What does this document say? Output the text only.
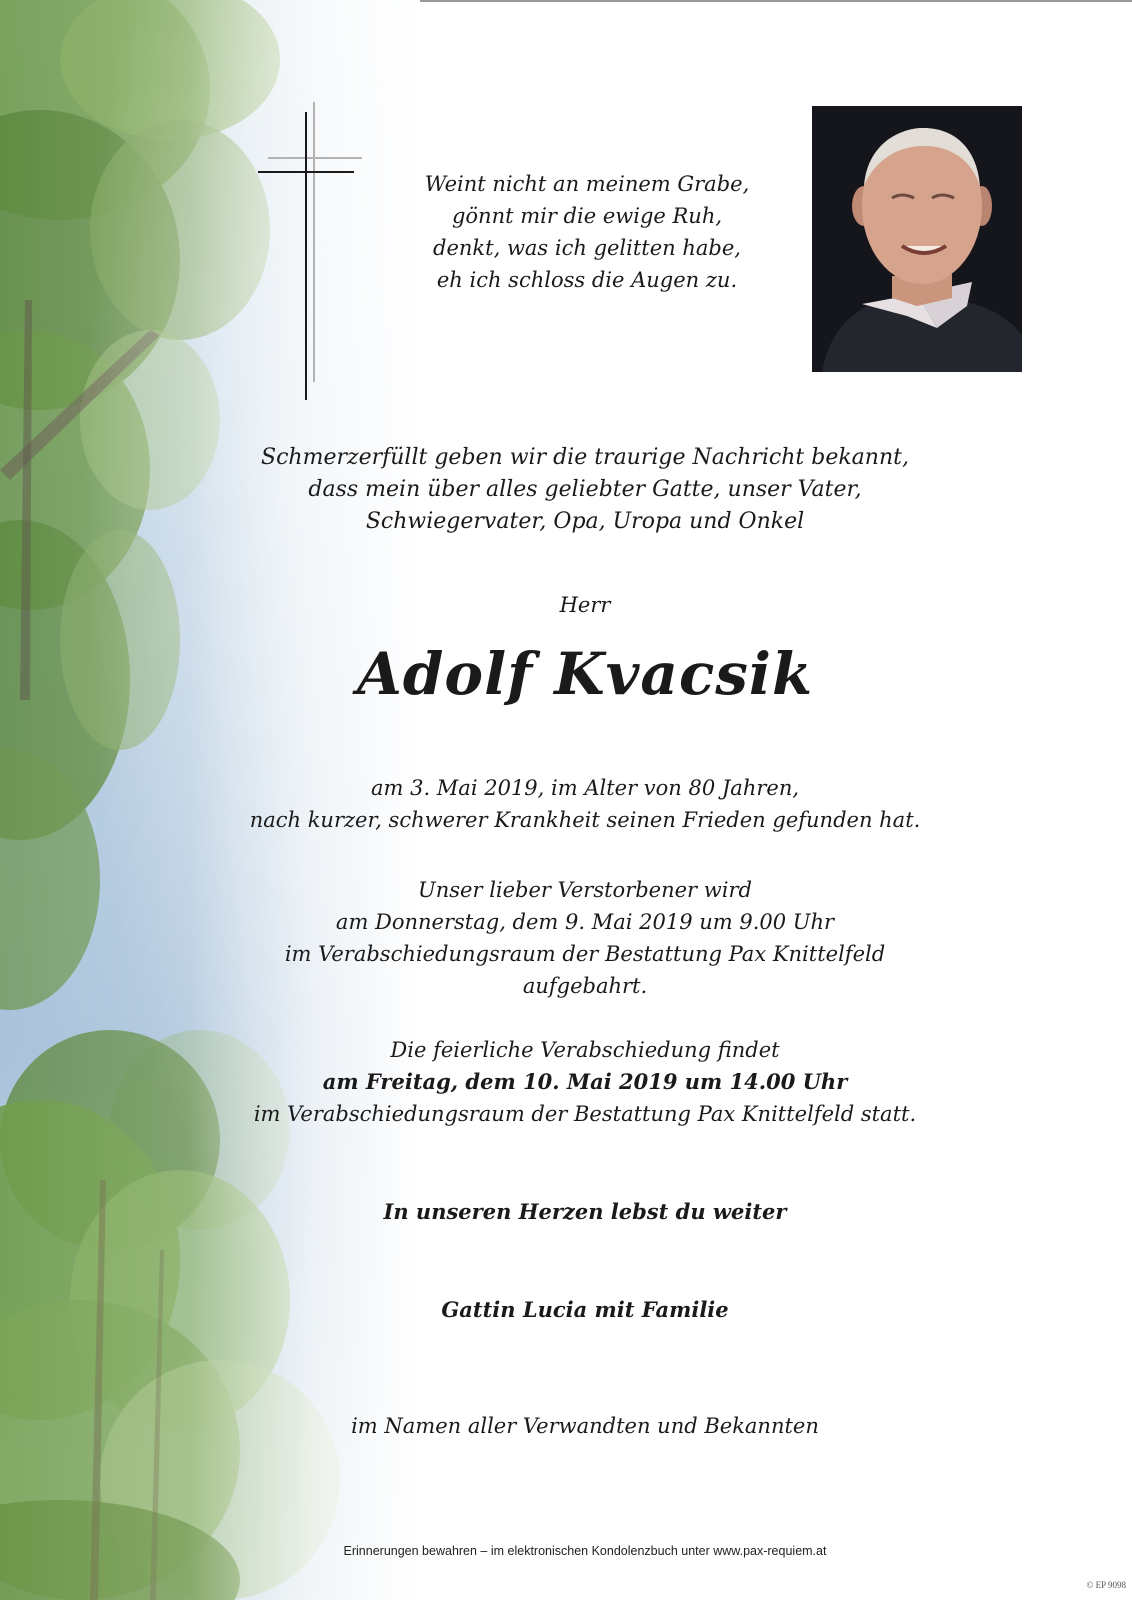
Weint nicht an meinem Grabe,
gönnt mir die ewige Ruh,
denkt, was ich gelitten habe,
eh ich schloss die Augen zu.
Schmerzerfüllt geben wir die traurige Nachricht bekannt,
dass mein über alles geliebter Gatte, unser Vater,
Schwiegervater, Opa, Uropa und Onkel
Herr
Adolf Kvacsik
am 3. Mai 2019, im Alter von 80 Jahren,
nach kurzer, schwerer Krankheit seinen Frieden gefunden hat.
Unser lieber Verstorbener wird
am Donnerstag, dem 9. Mai 2019 um 9.00 Uhr
im Verabschiedungsraum der Bestattung Pax Knittelfeld aufgebahrt.
Die feierliche Verabschiedung findet
am Freitag, dem 10. Mai 2019 um 14.00 Uhr
im Verabschiedungsraum der Bestattung Pax Knittelfeld statt.
In unseren Herzen lebst du weiter
Gattin Lucia mit Familie
im Namen aller Verwandten und Bekannten
Erinnerungen bewahren – im elektronischen Kondolenzbuch unter www.pax-requiem.at
© EP 9098
